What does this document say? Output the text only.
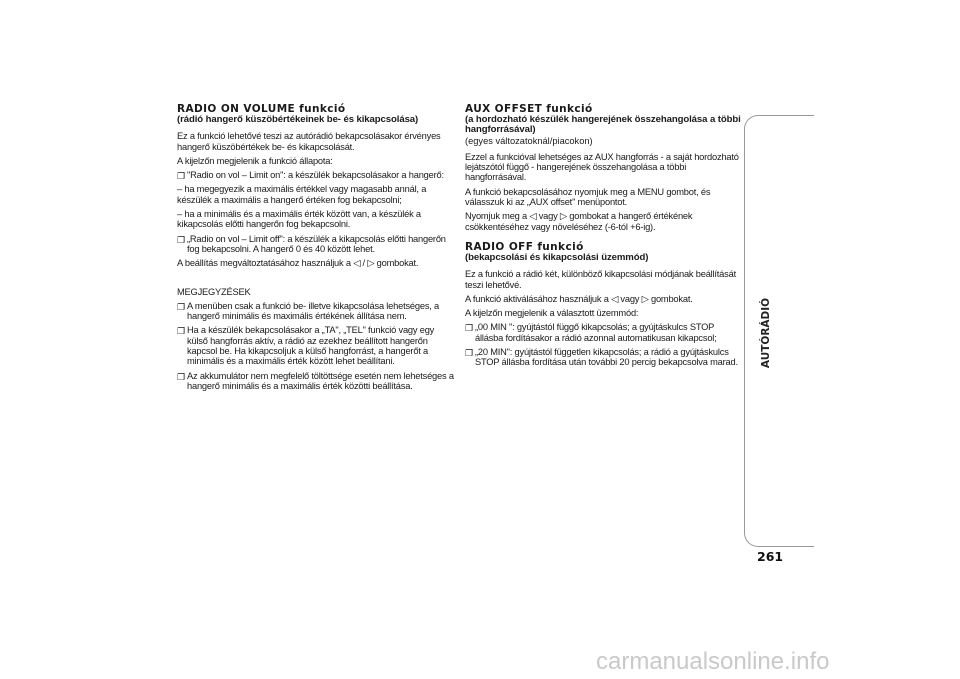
RADIO ON VOLUME funkció
(rádió hangerő küszöbértékeinek be- és kikapcsolása)

Ez a funkció lehetővé teszi az autórádió bekapcsolásakor érvényes hangerő küszöbértékek be- és kikapcsolását.

A kijelzőn megjelenik a funkció állapota:

❐ "Radio on vol – Limit on": a készülék bekapcsolásakor a hangerő:

– ha megegyezik a maximális értékkel vagy magasabb annál, a készülék a maximális a hangerő értéken fog bekapcsolni;

– ha a minimális és a maximális érték között van, a készülék a kikapcsolás előtti hangerőn fog bekapcsolni.

❐ „Radio on vol – Limit off": a készülék a kikapcsolás előtti hangerőn fog bekapcsolni. A hangerő 0 és 40 között lehet.

A beállítás megváltoztatásához használjuk a ◁ / ▷ gombokat.

MEGJEGYZÉSEK

❐ A menüben csak a funkció be- illetve kikapcsolása lehetséges, a hangerő minimális és maximális értékének állítása nem.

❐ Ha a készülék bekapcsolásakor a „TA", „TEL" funkció vagy egy külső hangforrás aktív, a rádió az ezekhez beállított hangerőn kapcsol be. Ha kikapcsoljuk a külső hangforrást, a hangerőt a minimális és a maximális érték között lehet beállítani.

❐ Az akkumulátor nem megfelelő töltöttsége esetén nem lehetséges a hangerő minimális és a maximális érték közötti beállítása.

AUX OFFSET funkció
(a hordozható készülék hangerejének összehangolása a többi hangforrásával)
(egyes változatoknál/piacokon)

Ezzel a funkcióval lehetséges az AUX hangforrás - a saját hordozható lejátszótól függő - hangerejének összehangolása a többi hangforrásával.

A funkció bekapcsolásához nyomjuk meg a MENU gombot, és válasszuk ki az „AUX offset" menüpontot.

Nyomjuk meg a ◁ vagy ▷ gombokat a hangerő értékének csökkentéséhez vagy növeléséhez (-6-tól +6-ig).

RADIO OFF funkció
(bekapcsolási és kikapcsolási üzemmód)

Ez a funkció a rádió két, különböző kikapcsolási módjának beállítását teszi lehetővé.

A funkció aktiválásához használjuk a ◁ vagy ▷ gombokat.

A kijelzőn megjelenik a választott üzemmód:

❐ „00 MIN ": gyújtástól függő kikapcsolás; a gyújtáskulcs STOP állásba fordításakor a rádió azonnal automatikusan kikapcsol;

❐ „20 MIN": gyújtástól független kikapcsolás; a rádió a gyújtáskulcs STOP állásba fordítása után további 20 percig bekapcsolva marad.	AUTÓRÁDIÓ
261
carmanualsonline.info
